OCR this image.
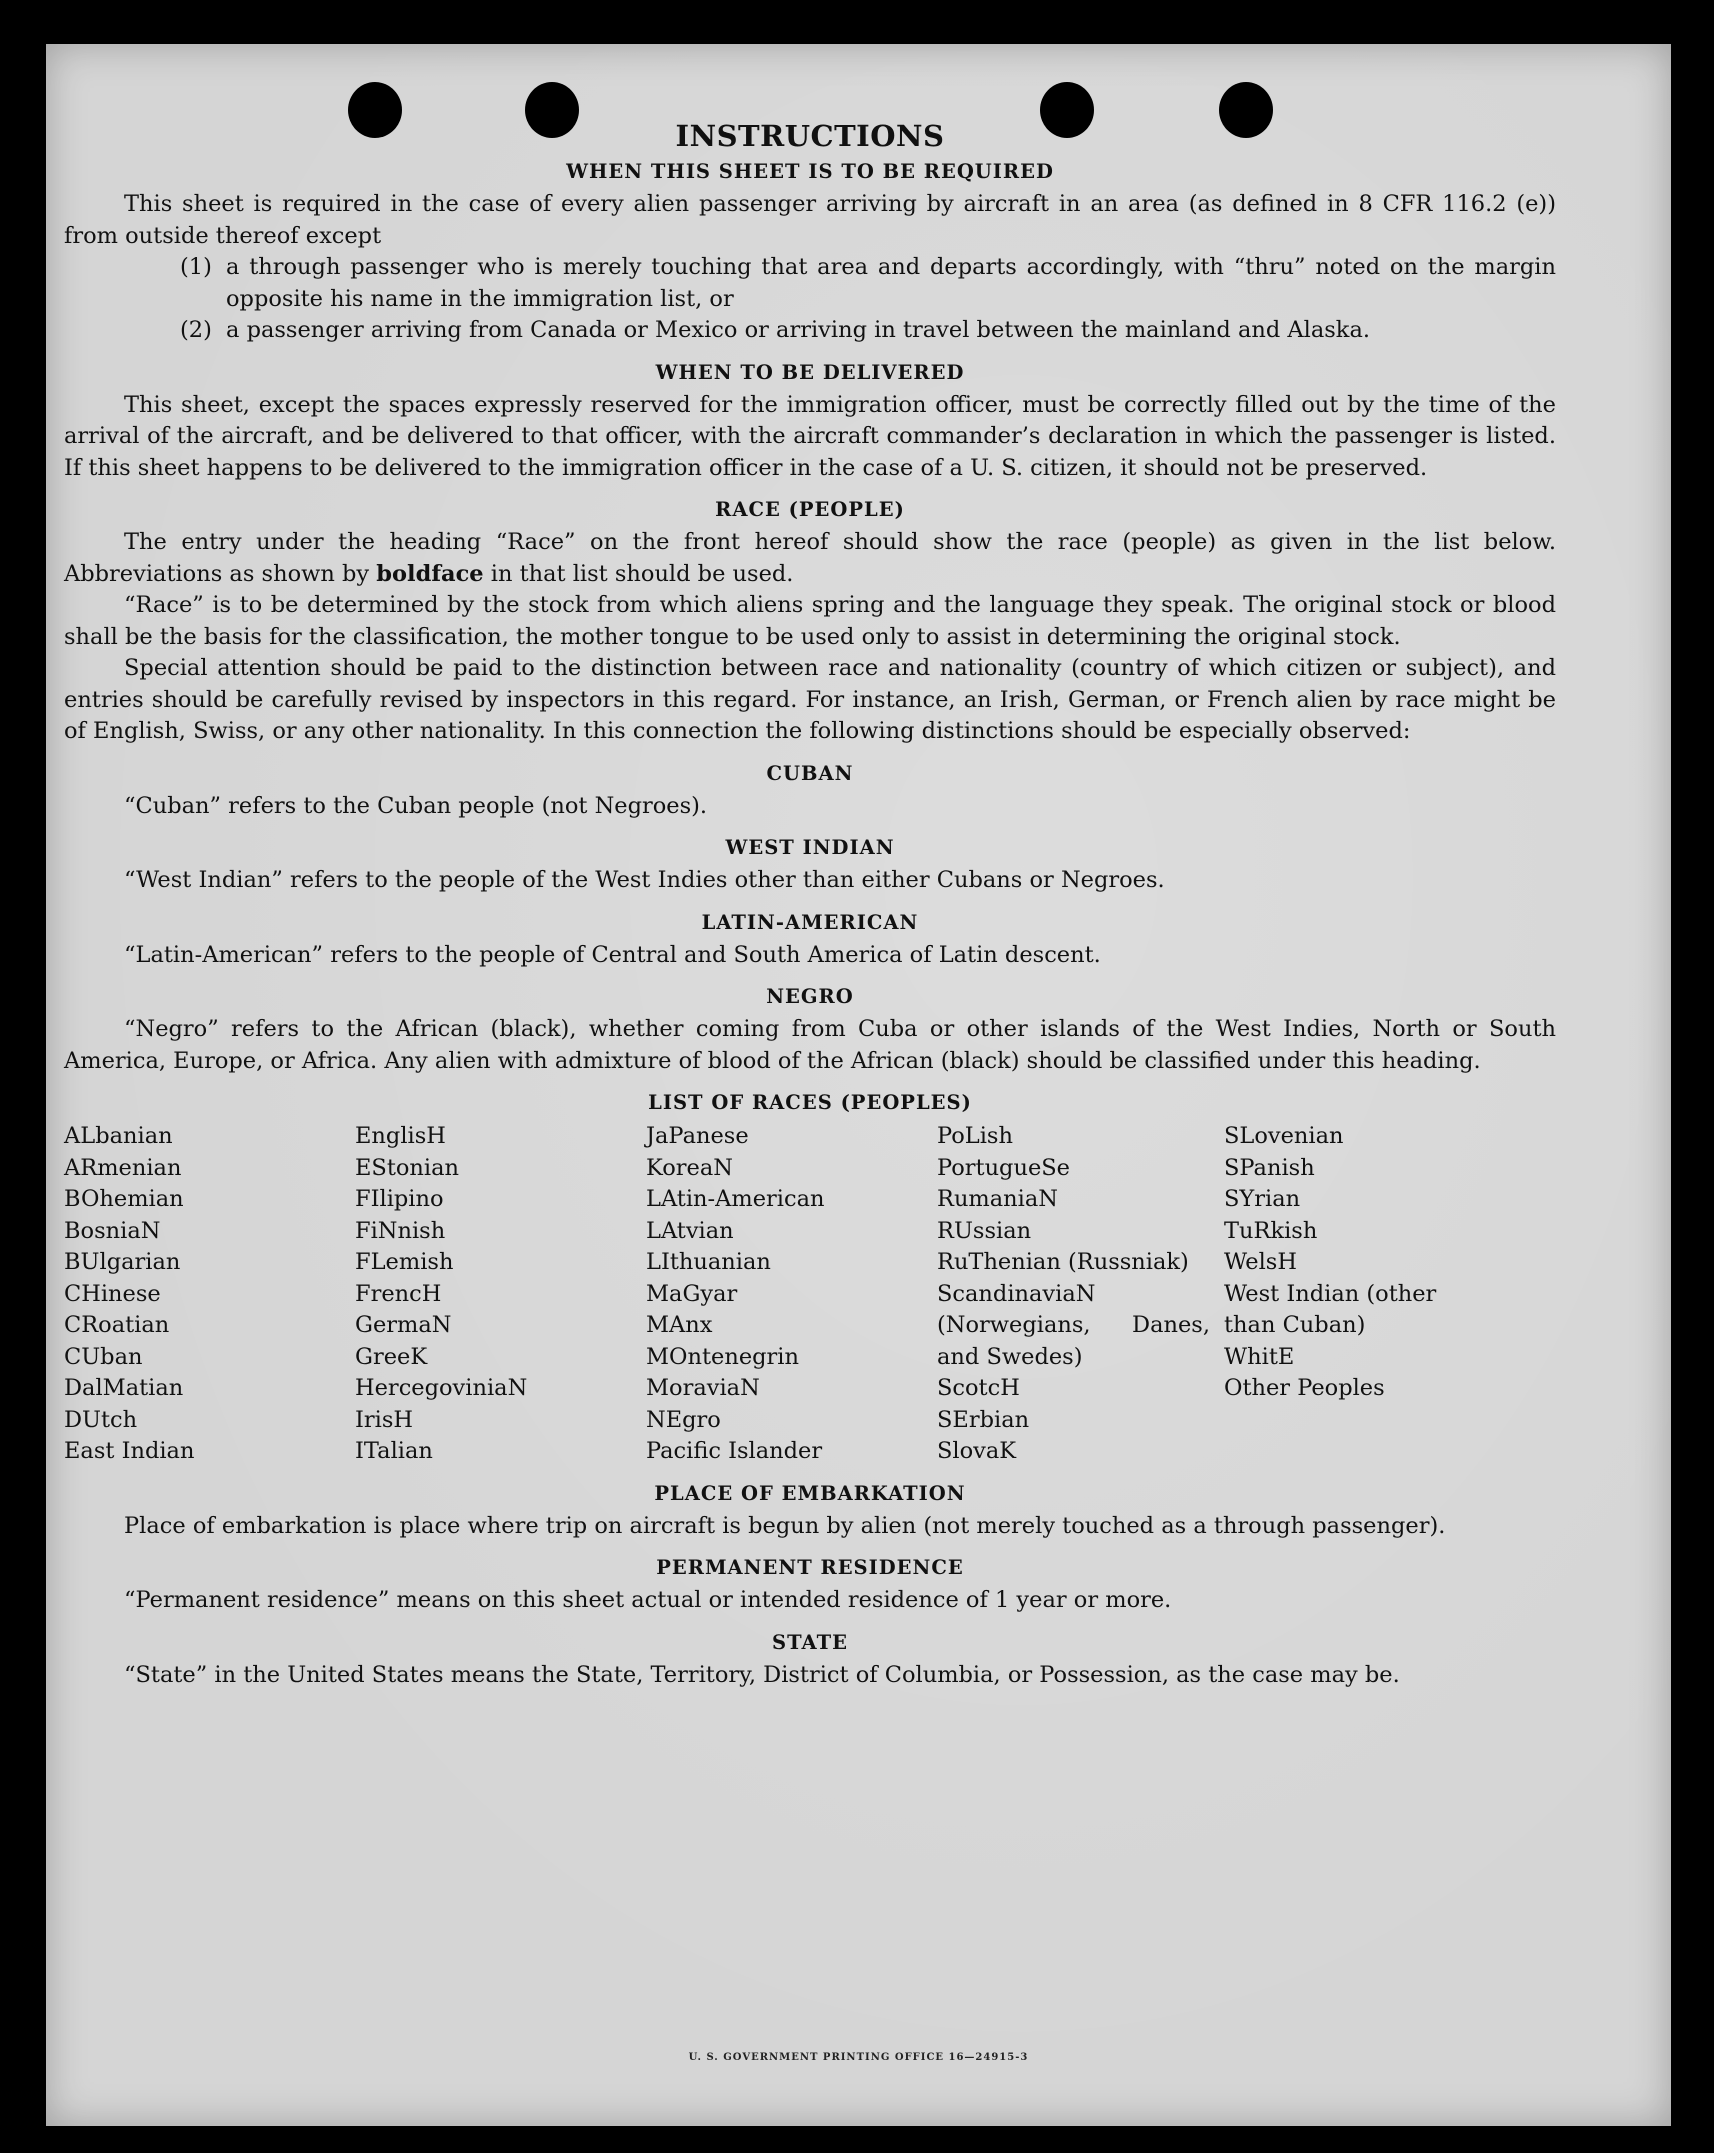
INSTRUCTIONS
WHEN THIS SHEET IS TO BE REQUIRED

This sheet is required in the case of every alien passenger arriving by aircraft in an area (as defined in 8 CFR 116.2 (e)) from outside thereof except

(1) a through passenger who is merely touching that area and departs accordingly, with “thru” noted on the margin opposite his name in the immigration list, or
(2) a passenger arriving from Canada or Mexico or arriving in travel between the mainland and Alaska.
WHEN TO BE DELIVERED

This sheet, except the spaces expressly reserved for the immigration officer, must be correctly filled out by the time of the arrival of the aircraft, and be delivered to that officer, with the aircraft commander’s declaration in which the passenger is listed. If this sheet happens to be delivered to the immigration officer in the case of a U. S. citizen, it should not be preserved.

RACE (PEOPLE)

The entry under the heading “Race” on the front hereof should show the race (people) as given in the list below. Abbreviations as shown by boldface in that list should be used.

“Race” is to be determined by the stock from which aliens spring and the language they speak. The original stock or blood shall be the basis for the classification, the mother tongue to be used only to assist in determining the original stock.

Special attention should be paid to the distinction between race and nationality (country of which citizen or subject), and entries should be carefully revised by inspectors in this regard. For instance, an Irish, German, or French alien by race might be of English, Swiss, or any other nationality. In this connection the following distinctions should be especially observed:

CUBAN

“Cuban” refers to the Cuban people (not Negroes).

WEST INDIAN

“West Indian” refers to the people of the West Indies other than either Cubans or Negroes.

LATIN-AMERICAN

“Latin-American” refers to the people of Central and South America of Latin descent.

NEGRO

“Negro” refers to the African (black), whether coming from Cuba or other islands of the West Indies, North or South America, Europe, or Africa. Any alien with admixture of blood of the African (black) should be classified under this heading.

LIST OF RACES (PEOPLES)
ALbanian
ARmenian
BOhemian
BosniaN
BUlgarian
CHinese
CRoatian
CUban
DalMatian
DUtch
East Indian
EnglisH
EStonian
FIlipino
FiNnish
FLemish
FrencH
GermaN
GreeK
HercegoviniaN
IrisH
ITalian
JaPanese
KoreaN
LAtin-American
LAtvian
LIthuanian
MaGyar
MAnx
MOntenegrin
MoraviaN
NEgro
Pacific Islander
PoLish
PortugueSe
RumaniaN
RUssian
RuThenian (Russniak)
ScandinaviaN (Norwegians, Danes, and Swedes)
ScotcH
SErbian
SlovaK
SLovenian
SPanish
SYrian
TuRkish
WelsH
West Indian (other than Cuban)
WhitE
Other Peoples
PLACE OF EMBARKATION

Place of embarkation is place where trip on aircraft is begun by alien (not merely touched as a through passenger).

PERMANENT RESIDENCE

“Permanent residence” means on this sheet actual or intended residence of 1 year or more.

STATE

“State” in the United States means the State, Territory, District of Columbia, or Possession, as the case may be.

U. S. GOVERNMENT PRINTING OFFICE 16—24915-3
